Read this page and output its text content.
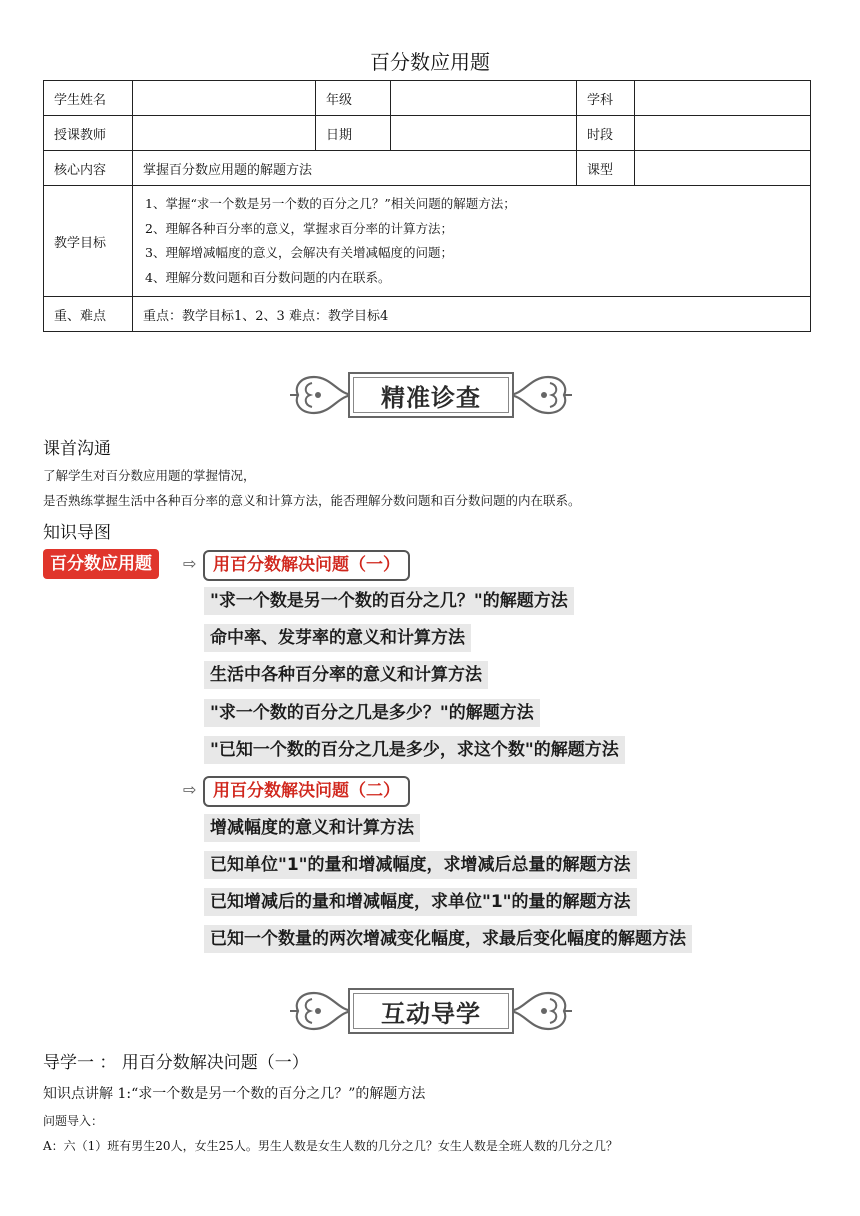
百分数应用题
学生姓名		年级		学科	
授课教师		日期		时段	
核心内容	掌握百分数应用题的解题方法			课型	
教学目标	1、掌握“求一个数是另一个数的百分之几？”相关问题的解题方法；
2、理解各种百分率的意义，掌握求百分率的计算方法；
3、理解增减幅度的意义，会解决有关增减幅度的问题；
4、理解分数问题和百分数问题的内在联系。				

重、难点	重点：教学目标1、2、3 难点：教学目标4				
精准诊查
课首沟通
了解学生对百分数应用题的掌握情况，
是否熟练掌握生活中各种百分率的意义和计算方法，能否理解分数问题和百分数问题的内在联系。
知识导图
百分数应用题	⇨ 用百分数解决问题（一）
"求一个数是另一个数的百分之几？"的解题方法
命中率、发芽率的意义和计算方法
生活中各种百分率的意义和计算方法
"求一个数的百分之几是多少？"的解题方法
"已知一个数的百分之几是多少，求这个数"的解题方法
⇨ 用百分数解决问题（二）
增减幅度的意义和计算方法
已知单位"1"的量和增减幅度，求增减后总量的解题方法
已知增减后的量和增减幅度，求单位"1"的量的解题方法
已知一个数量的两次增减变化幅度，求最后变化幅度的解题方法
互动导学
导学一 ： 用百分数解决问题（一）
知识点讲解 1:“求一个数是另一个数的百分之几？”的解题方法
问题导入：
A：六（1）班有男生20人，女生25人。男生人数是女生人数的几分之几？女生人数是全班人数的几分之几？
